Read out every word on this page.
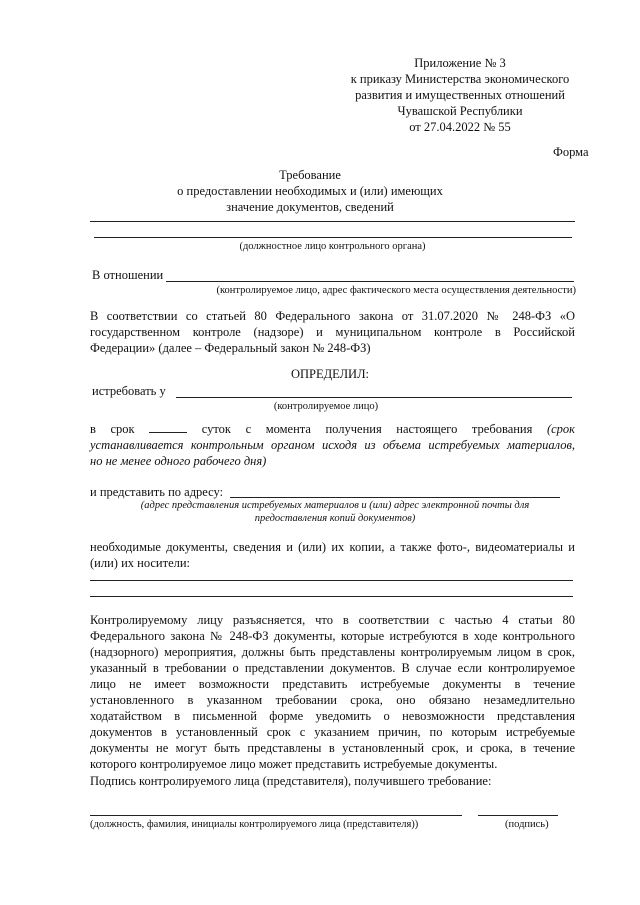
Приложение № 3
к приказу Министерства экономического
развития и имущественных отношений
Чувашской Республики
от 27.04.2022 № 55
Форма
Требование
о предоставлении необходимых и (или) имеющих
значение документов, сведений
(должностное лицо контрольного органа)
В отношении
(контролируемое лицо, адрес фактического места осуществления деятельности)
В соответствии со статьей 80 Федерального закона от 31.07.2020 № 248-ФЗ «О
государственном контроле (надзоре) и муниципальном контроле в Российской
Федерации» (далее – Федеральный закон № 248-ФЗ)
ОПРЕДЕЛИЛ:
истребовать у
(контролируемое лицо)
в срок	суток с момента получения настоящего требования (срок
устанавливается контрольным органом исходя из объема истребуемых материалов,
но не менее одного рабочего дня)
и представить по адресу:
(адрес представления истребуемых материалов и (или) адрес электронной почты для
предоставления копий документов)
необходимые документы, сведения и (или) их копии, а также фото-, видеоматериалы и
(или) их носители:
Контролируемому лицу разъясняется, что в соответствии с частью 4 статьи 80
Федерального закона № 248-ФЗ документы, которые истребуются в ходе контрольного
(надзорного) мероприятия, должны быть представлены контролируемым лицом в срок,
указанный в требовании о представлении документов. В случае если контролируемое
лицо не имеет возможности представить истребуемые документы в течение
установленного в указанном требовании срока, оно обязано незамедлительно
ходатайством в письменной форме уведомить о невозможности представления
документов в установленный срок с указанием причин, по которым истребуемые
документы не могут быть представлены в установленный срок, и срока, в течение
которого контролируемое лицо может представить истребуемые документы.
Подпись контролируемого лица (представителя), получившего требование:
(должность, фамилия, инициалы контролируемого лица (представителя))	(подпись)
